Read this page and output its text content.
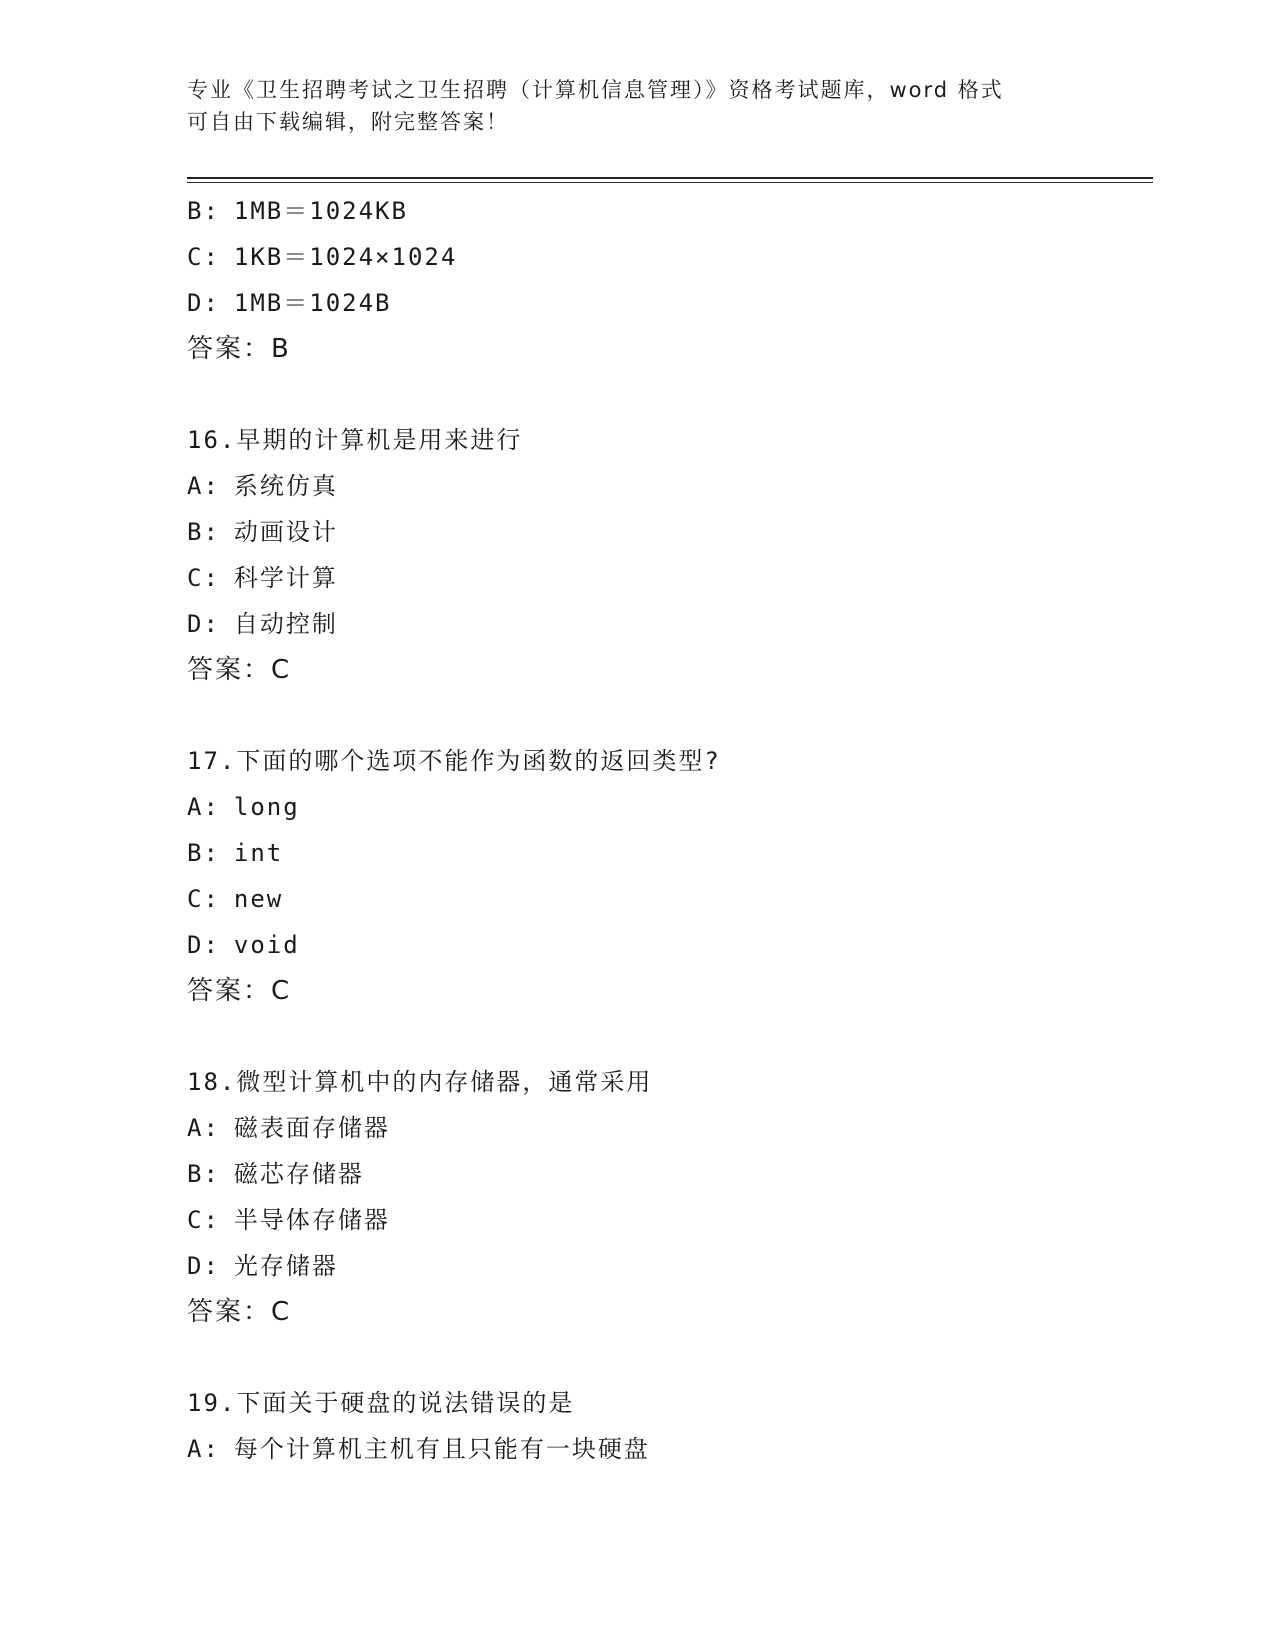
专业《卫生招聘考试之卫生招聘（计算机信息管理）》资格考试题库，word 格式
可自由下载编辑，附完整答案！
B: 1MB＝1024KB
C: 1KB＝1024×1024
D: 1MB＝1024B
答案：B
16.早期的计算机是用来进行
A: 系统仿真
B: 动画设计
C: 科学计算
D: 自动控制
答案：C
17.下面的哪个选项不能作为函数的返回类型?
A: long
B: int
C: new
D: void
答案：C
18.微型计算机中的内存储器，通常采用
A: 磁表面存储器
B: 磁芯存储器
C: 半导体存储器
D: 光存储器
答案：C
19.下面关于硬盘的说法错误的是
A: 每个计算机主机有且只能有一块硬盘
